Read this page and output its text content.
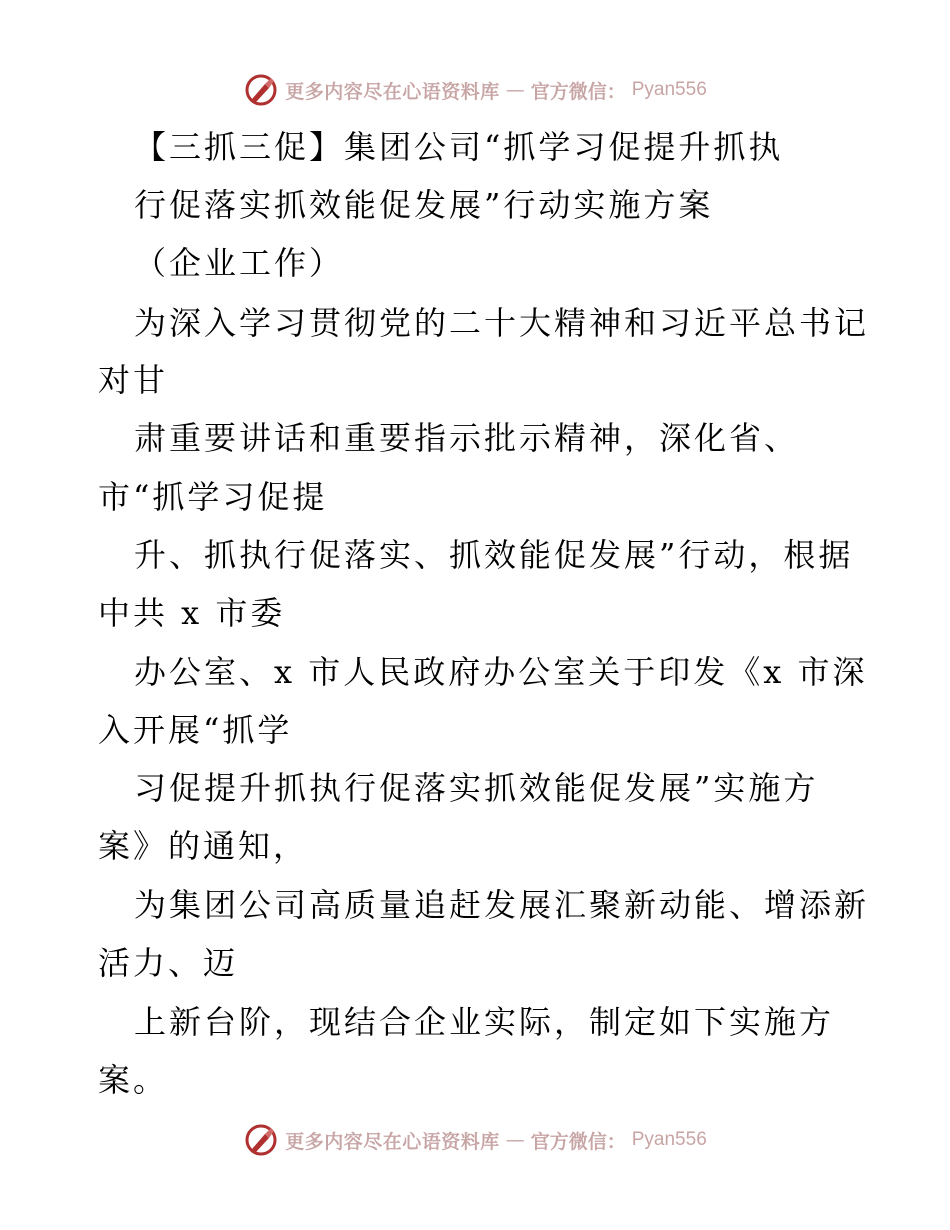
更多内容尽在心语资料库 — 官方微信： Pyan556
【三抓三促】集团公司“抓学习促提升抓执
行促落实抓效能促发展”行动实施方案
（企业工作）
为深入学习贯彻党的二十大精神和习近平总书记
对甘
肃重要讲话和重要指示批示精神，深化省、
市“抓学习促提
升、抓执行促落实、抓效能促发展”行动，根据
中共 x 市委
办公室、x 市人民政府办公室关于印发《x 市深
入开展“抓学
习促提升抓执行促落实抓效能促发展”实施方
案》的通知，
为集团公司高质量追赶发展汇聚新动能、增添新
活力、迈
上新台阶，现结合企业实际，制定如下实施方
案。
更多内容尽在心语资料库 — 官方微信： Pyan556
